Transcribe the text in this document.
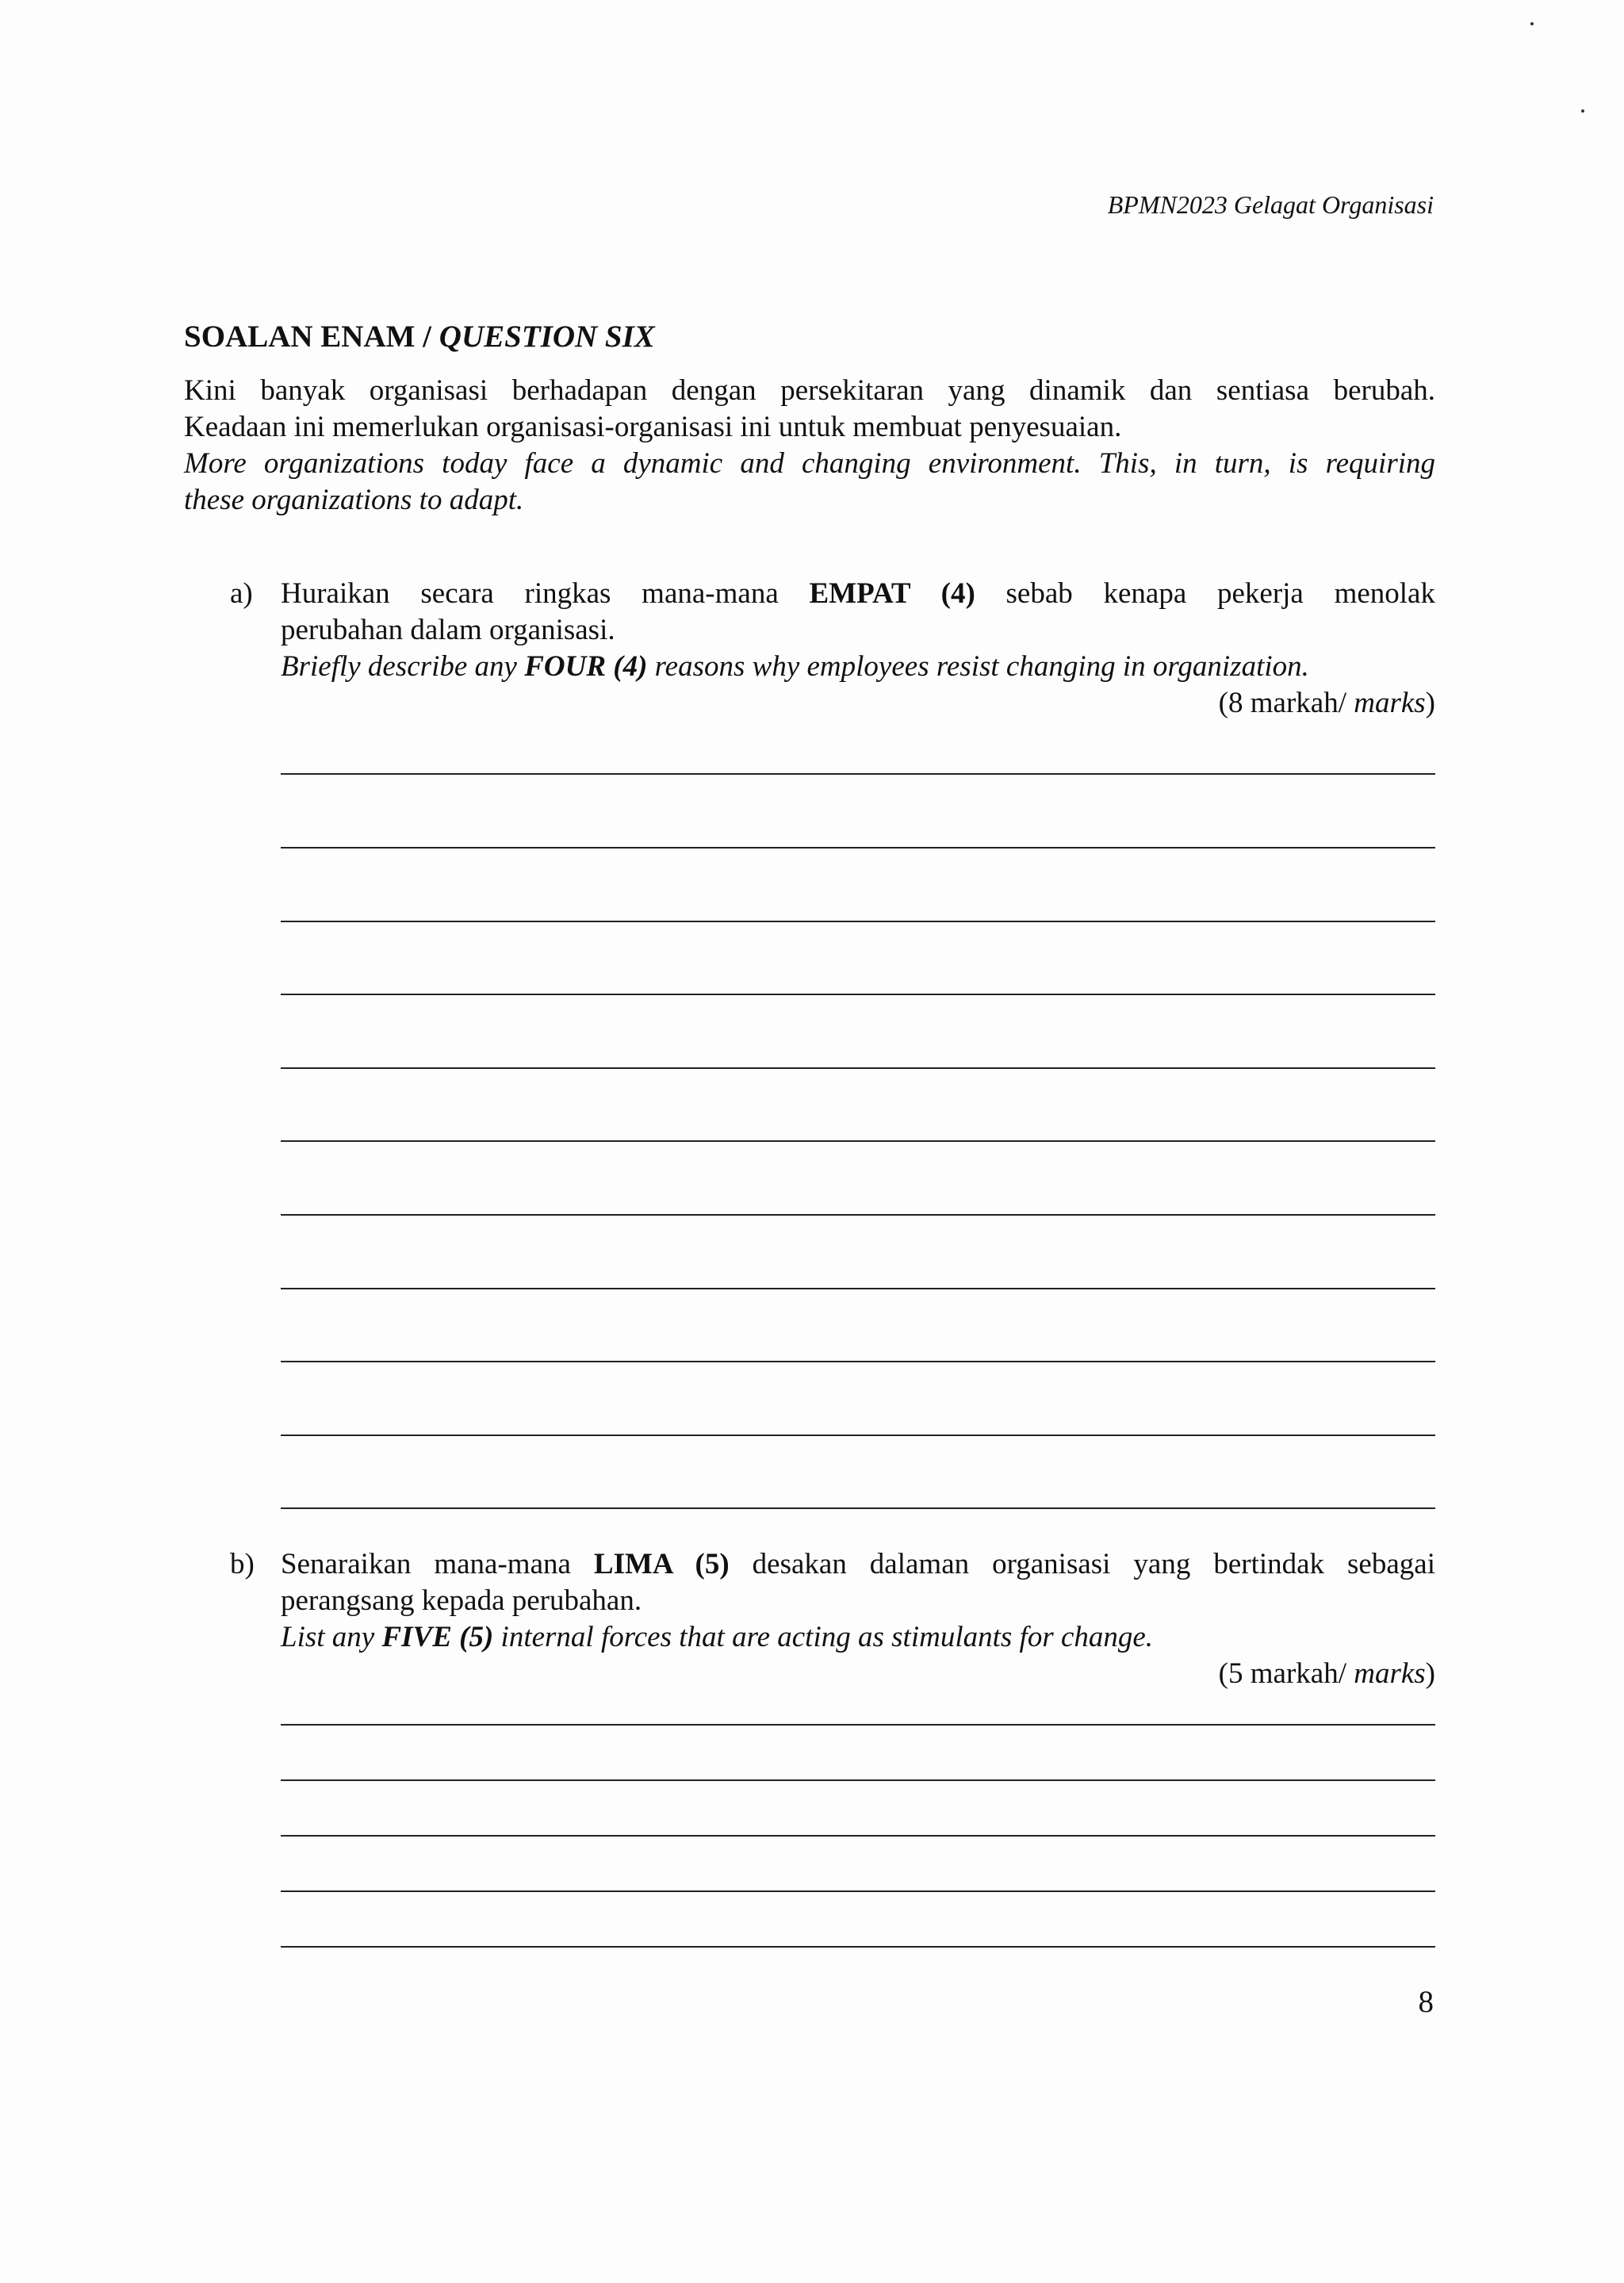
BPMN2023 Gelagat Organisasi
SOALAN ENAM / QUESTION SIX

Kini banyak organisasi berhadapan dengan persekitaran yang dinamik dan sentiasa berubah.

Keadaan ini memerlukan organisasi-organisasi ini untuk membuat penyesuaian.

More organizations today face a dynamic and changing environment. This, in turn, is requiring

these organizations to adapt.

a) Huraikan secara ringkas mana-mana EMPAT (4) sebab kenapa pekerja menolak

perubahan dalam organisasi.

Briefly describe any FOUR (4) reasons why employees resist changing in organization.

(8 markah/ marks)

b) Senaraikan mana-mana LIMA (5) desakan dalaman organisasi yang bertindak sebagai

perangsang kepada perubahan.

List any FIVE (5) internal forces that are acting as stimulants for change.

(5 markah/ marks)

8
